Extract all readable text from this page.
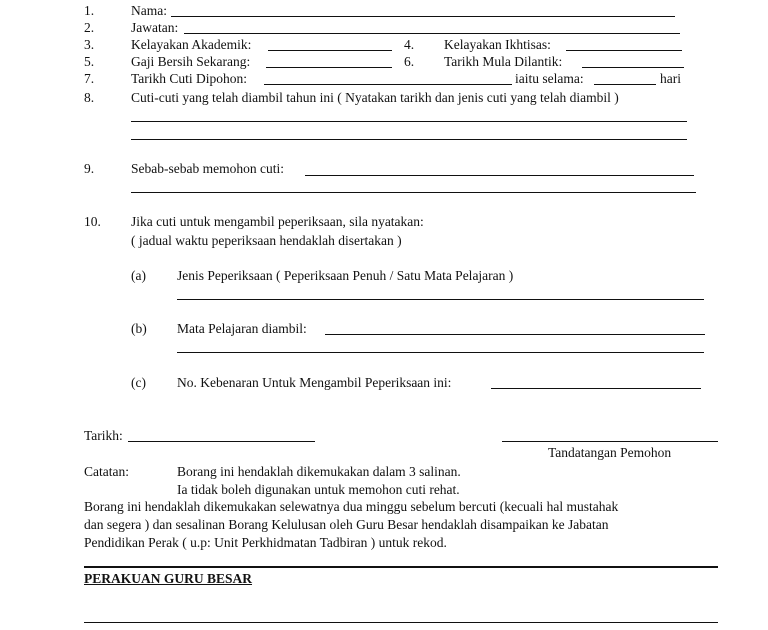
1.	Nama:
2.	Jawatan:
3.	Kelayakan Akademik:	4. Kelayakan Ikhtisas:
5.	Gaji Bersih Sekarang:	6. Tarikh Mula Dilantik:
7.	Tarikh Cuti Dipohon:	iaitu selama:	hari
8.	Cuti-cuti yang telah diambil tahun ini ( Nyatakan tarikh dan jenis cuti yang telah diambil )
9.	Sebab-sebab memohon cuti:
10. Jika cuti untuk mengambil peperiksaan, sila nyatakan:
( jadual waktu peperiksaan hendaklah disertakan )
(a) Jenis Peperiksaan ( Peperiksaan Penuh / Satu Mata Pelajaran )
(b) Mata Pelajaran diambil:
(c) No. Kebenaran Untuk Mengambil Peperiksaan ini:
Tarikh:
Tandatangan Pemohon
Catatan:	Borang ini hendaklah dikemukakan dalam 3 salinan.
Ia tidak boleh digunakan untuk memohon cuti rehat.
Borang ini hendaklah dikemukakan selewatnya dua minggu sebelum bercuti (kecuali hal mustahak
dan segera ) dan sesalinan Borang Kelulusan oleh Guru Besar hendaklah disampaikan ke Jabatan
Pendidikan Perak ( u.p: Unit Perkhidmatan Tadbiran ) untuk rekod.
PERAKUAN GURU BESAR
